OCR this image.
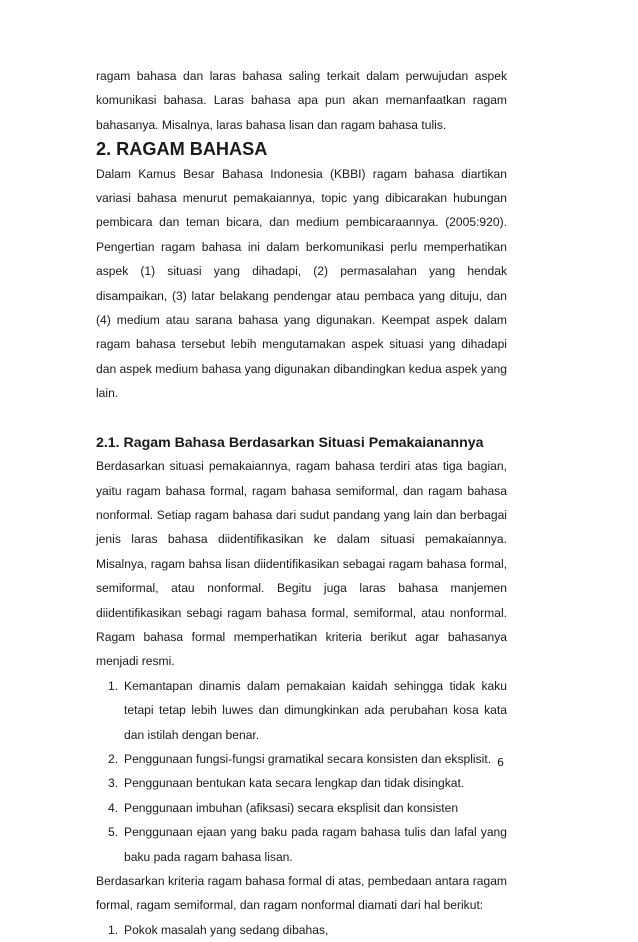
ragam bahasa dan laras bahasa saling terkait dalam perwujudan aspek komunikasi bahasa. Laras bahasa apa pun akan memanfaatkan ragam bahasanya. Misalnya, laras bahasa lisan dan ragam bahasa tulis.

2. RAGAM BAHASA

Dalam Kamus Besar Bahasa Indonesia (KBBI) ragam bahasa diartikan variasi bahasa menurut pemakaiannya, topic yang dibicarakan hubungan pembicara dan teman bicara, dan medium pembicaraannya. (2005:920). Pengertian ragam bahasa ini dalam berkomunikasi perlu memperhatikan aspek (1) situasi yang dihadapi, (2) permasalahan yang hendak disampaikan, (3) latar belakang pendengar atau pembaca yang dituju, dan (4) medium atau sarana bahasa yang digunakan. Keempat aspek dalam ragam bahasa tersebut lebih mengutamakan aspek situasi yang dihadapi dan aspek medium bahasa yang digunakan dibandingkan kedua aspek yang lain.

2.1. Ragam Bahasa Berdasarkan Situasi Pemakaianannya

Berdasarkan situasi pemakaiannya, ragam bahasa terdiri atas tiga bagian, yaitu ragam bahasa formal, ragam bahasa semiformal, dan ragam bahasa nonformal. Setiap ragam bahasa dari sudut pandang yang lain dan berbagai jenis laras bahasa diidentifikasikan ke dalam situasi pemakaiannya. Misalnya, ragam bahsa lisan diidentifikasikan sebagai ragam bahasa formal, semiformal, atau nonformal. Begitu juga laras bahasa manjemen diidentifikasikan sebagi ragam bahasa formal, semiformal, atau nonformal. Ragam bahasa formal memperhatikan kriteria berikut agar bahasanya menjadi resmi.

1. Kemantapan dinamis dalam pemakaian kaidah sehingga tidak kaku tetapi tetap lebih luwes dan dimungkinkan ada perubahan kosa kata dan istilah dengan benar.
2. Penggunaan fungsi-fungsi gramatikal secara konsisten dan eksplisit.
3. Penggunaan bentukan kata secara lengkap dan tidak disingkat.
4. Penggunaan imbuhan (afiksasi) secara eksplisit dan konsisten
5. Penggunaan ejaan yang baku pada ragam bahasa tulis dan lafal yang baku pada ragam bahasa lisan.

Berdasarkan kriteria ragam bahasa formal di atas, pembedaan antara ragam formal, ragam semiformal, dan ragam nonformal diamati dari hal berikut:

1. Pokok masalah yang sedang dibahas,
6
